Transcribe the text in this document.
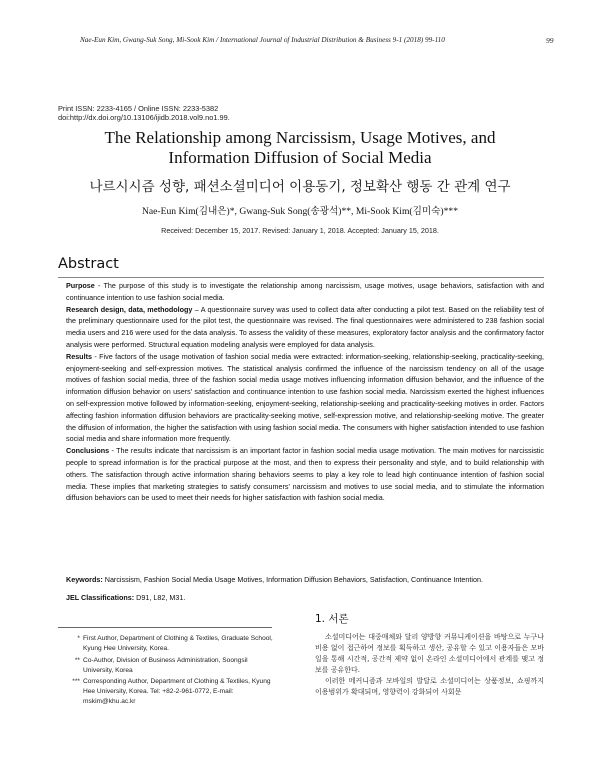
Nae-Eun Kim, Gwang-Suk Song, Mi-Sook Kim / International Journal of Industrial Distribution & Business 9-1 (2018) 99-110	99
Print ISSN: 2233-4165 / Online ISSN: 2233-5382
doi:http://dx.doi.org/10.13106/ijidb.2018.vol9.no1.99.
The Relationship among Narcissism, Usage Motives, and
Information Diffusion of Social Media
나르시시즘 성향, 패션소셜미디어 이용동기, 정보확산 행동 간 관계 연구
Nae-Eun Kim(김내은)*, Gwang-Suk Song(송광석)**, Mi-Sook Kim(김미숙)***
Received: December 15, 2017. Revised: January 1, 2018. Accepted: January 15, 2018.
Abstract

Purpose - The purpose of this study is to investigate the relationship among narcissism, usage motives, usage behaviors, satisfaction with and continuance intention to use fashion social media.

Research design, data, methodology – A questionnaire survey was used to collect data after conducting a pilot test. Based on the reliability test of the preliminary questionnaire used for the pilot test, the questionnaire was revised. The final questionnaires were administered to 238 fashion social media users and 216 were used for the data analysis. To assess the validity of these measures, exploratory factor analysis and the confirmatory factor analysis were performed. Structural equation modeling analysis were employed for data analysis.

Results - Five factors of the usage motivation of fashion social media were extracted: information-seeking, relationship-seeking, practicality-seeking, enjoyment-seeking and self-expression motives. The statistical analysis confirmed the influence of the narcissism tendency on all of the usage motives of fashion social media, three of the fashion social media usage motives influencing information diffusion behavior, and the influence of the information diffusion behavior on users' satisfaction and continuance intention to use fashion social media. Narcissism exerted the highest influences on self-expression motive followed by information-seeking, enjoyment-seeking, relationship-seeking and practicality-seeking motives in order. Factors affecting fashion information diffusion behaviors are practicality-seeking motive, self-expression motive, and relationship-seeking motive. The greater the diffusion of information, the higher the satisfaction with using fashion social media. The consumers with higher satisfaction intended to use fashion social media and share information more frequently.

Conclusions - The results indicate that narcissism is an important factor in fashion social media usage motivation. The main motives for narcissistic people to spread information is for the practical purpose at the most, and then to express their personality and style, and to build relationship with others. The satisfaction through active information sharing behaviors seems to play a key role to lead high continuance intention of fashion social media. These implies that marketing strategies to satisfy consumers' narcissism and motives to use social media, and to stimulate the information diffusion behaviors can be used to meet their needs for higher satisfaction with fashion social media.

Keywords: Narcissism, Fashion Social Media Usage Motives, Information Diffusion Behaviors, Satisfaction, Continuance Intention.
JEL Classifications: D91, L82, M31.
1. 서론

소셜미디어는 대중매체와 달리 양방향 커뮤니케이션을 바탕으로 누구나 비용 없이 접근하여 정보를 획득하고 생산, 공유할 수 있고 이용자들은 모바일을 통해 시간적, 공간적 제약 없이 온라인 소셜미디어에서 관계를 맺고 정보를 공유한다.

이러한 메커니즘과 모바일의 발달로 소셜미디어는 상품정보, 쇼핑까지 이용범위가 확대되며, 영향력이 강화되어 사회문

* First Author, Department of Clothing & Textiles, Graduate School, Kyung Hee University, Korea.
** Co-Author, Division of Business Administration, Soongsil University, Korea
*** Corresponding Author, Department of Clothing & Textiles, Kyung Hee University, Korea. Tel: +82-2-961-0772, E-mail: mskim@khu.ac.kr
